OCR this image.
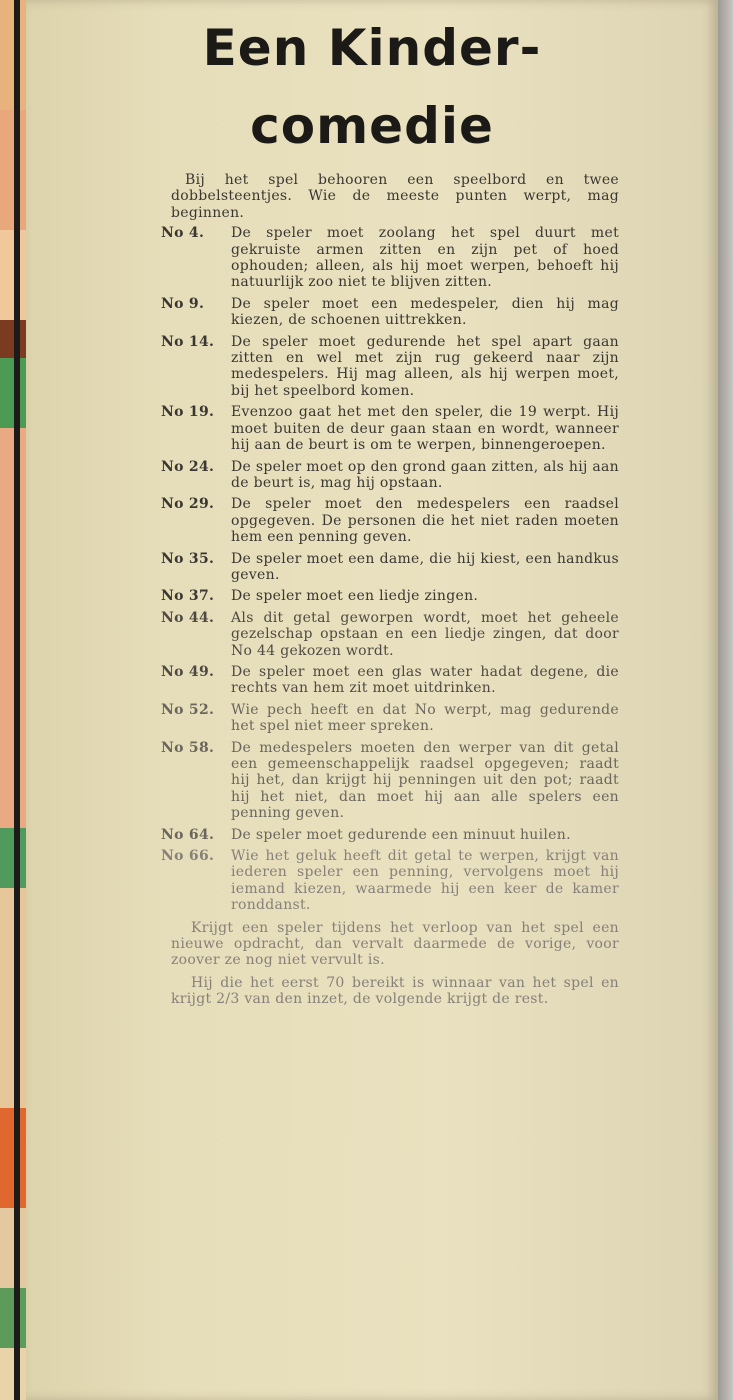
Een Kinder-
comedie

Bij het spel behooren een speelbord en twee dobbelsteentjes. Wie de meeste punten werpt, mag beginnen.

No 4.	De speler moet zoolang het spel duurt met gekruiste armen zitten en zijn pet of hoed ophouden; alleen, als hij moet werpen, behoeft hij natuurlijk zoo niet te blijven zitten.
No 9.	De speler moet een medespeler, dien hij mag kiezen, de schoenen uittrekken.
No 14.	De speler moet gedurende het spel apart gaan zitten en wel met zijn rug gekeerd naar zijn medespelers. Hij mag alleen, als hij werpen moet, bij het speelbord komen.
No 19.	Evenzoo gaat het met den speler, die 19 werpt. Hij moet buiten de deur gaan staan en wordt, wanneer hij aan de beurt is om te werpen, binnengeroepen.
No 24.	De speler moet op den grond gaan zitten, als hij aan de beurt is, mag hij opstaan.
No 29.	De speler moet den medespelers een raadsel opgegeven. De personen die het niet raden moeten hem een penning geven.
No 35.	De speler moet een dame, die hij kiest, een handkus geven.
No 37.	De speler moet een liedje zingen.
No 44.	Als dit getal geworpen wordt, moet het geheele gezelschap opstaan en een liedje zingen, dat door No 44 gekozen wordt.
No 49.	De speler moet een glas water hadat degene, die rechts van hem zit moet uitdrinken.
No 52.	Wie pech heeft en dat No werpt, mag gedurende het spel niet meer spreken.
No 58.	De medespelers moeten den werper van dit getal een gemeenschappelijk raadsel opgegeven; raadt hij het, dan krijgt hij penningen uit den pot; raadt hij het niet, dan moet hij aan alle spelers een penning geven.
No 64.	De speler moet gedurende een minuut huilen.
No 66.	Wie het geluk heeft dit getal te werpen, krijgt van iederen speler een penning, vervolgens moet hij iemand kiezen, waarmede hij een keer de kamer ronddanst.

Krijgt een speler tijdens het verloop van het spel een nieuwe opdracht, dan vervalt daarmede de vorige, voor zoover ze nog niet vervult is.

Hij die het eerst 70 bereikt is winnaar van het spel en krijgt 2/3 van den inzet, de volgende krijgt de rest.
